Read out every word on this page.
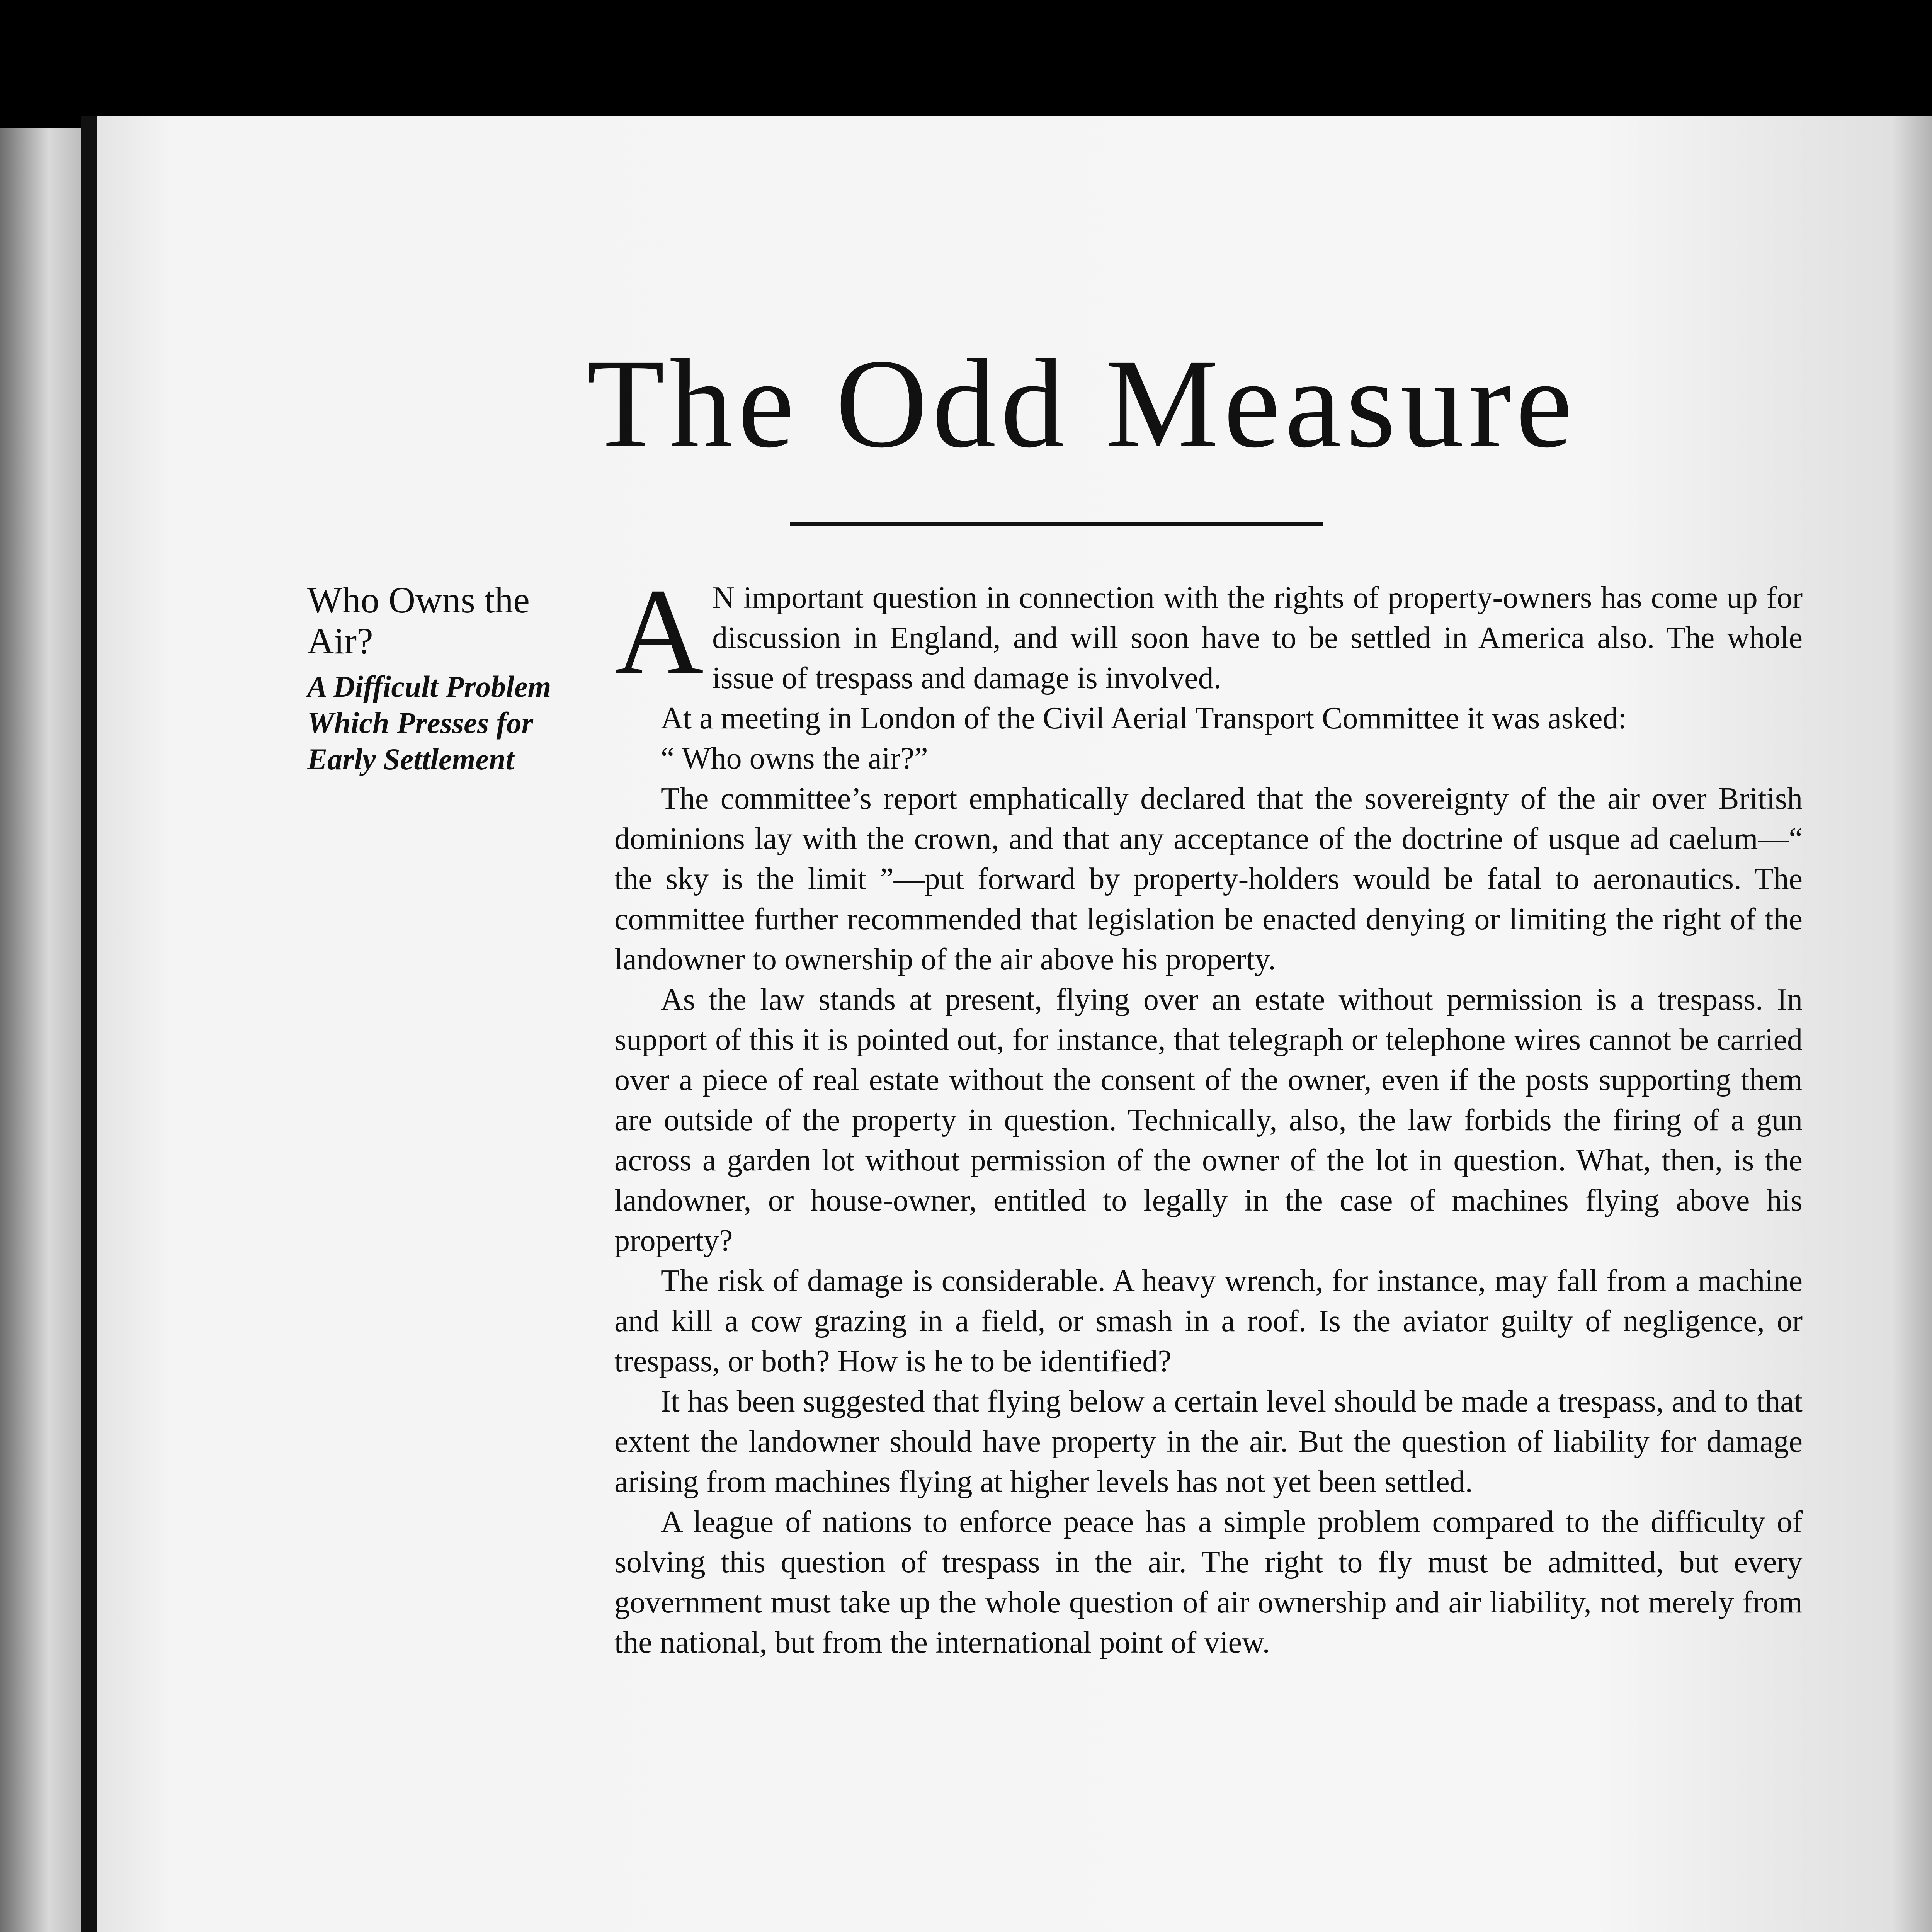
The Odd Measure

Who Owns the Air?

A Difficult Problem Which Presses for Early Settlement

A N important question in connection with the rights of property-owners has come up for discussion in England, and will soon have to be settled in America also. The whole issue of trespass and damage is involved.

At a meeting in London of the Civil Aerial Transport Committee it was asked:

“ Who owns the air?”

The committee’s report emphatically declared that the sovereignty of the air over British dominions lay with the crown, and that any acceptance of the doctrine of usque ad caelum—“ the sky is the limit ”—put forward by property-holders would be fatal to aeronautics. The committee further recommended that legislation be enacted denying or limiting the right of the landowner to ownership of the air above his property.

As the law stands at present, flying over an estate without permission is a trespass. In support of this it is pointed out, for instance, that telegraph or telephone wires cannot be carried over a piece of real estate without the consent of the owner, even if the posts supporting them are outside of the property in question. Technically, also, the law forbids the firing of a gun across a garden lot without permission of the owner of the lot in question. What, then, is the landowner, or house-owner, entitled to legally in the case of machines flying above his property?

The risk of damage is considerable. A heavy wrench, for instance, may fall from a machine and kill a cow grazing in a field, or smash in a roof. Is the aviator guilty of negligence, or trespass, or both? How is he to be identified?

It has been suggested that flying below a certain level should be made a trespass, and to that extent the landowner should have property in the air. But the question of liability for damage arising from machines flying at higher levels has not yet been settled.

A league of nations to enforce peace has a simple problem compared to the difficulty of solving this question of trespass in the air. The right to fly must be admitted, but every government must take up the whole question of air ownership and air liability, not merely from the national, but from the international point of view.
